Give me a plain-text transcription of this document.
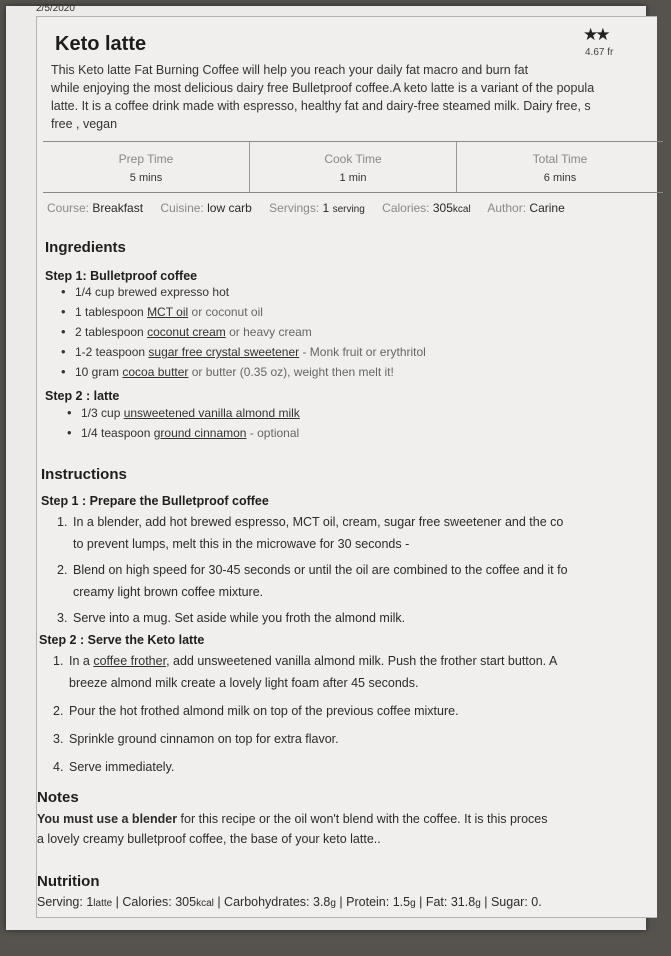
2/5/2020
Keto latte	★★
4.67 fr
This Keto latte Fat Burning Coffee will help you reach your daily fat macro and burn fat
while enjoying the most delicious dairy free Bulletproof coffee.A keto latte is a variant of the popula
latte. It is a coffee drink made with espresso, healthy fat and dairy-free steamed milk. Dairy free, s
free , vegan
Prep Time
5 mins
Cook Time
1 min
Total Time
6 mins
Course: Breakfast Cuisine: low carb Servings: 1 serving Calories: 305kcal Author: Carine
Ingredients
Step 1: Bulletproof coffee
• 1/4 cup brewed expresso hot
• 1 tablespoon MCT oil or coconut oil
• 2 tablespoon coconut cream or heavy cream
• 1-2 teaspoon sugar free crystal sweetener - Monk fruit or erythritol
• 10 gram cocoa butter or butter (0.35 oz), weight then melt it!
Step 2 : latte
• 1/3 cup unsweetened vanilla almond milk
• 1/4 teaspoon ground cinnamon - optional
Instructions
Step 1 : Prepare the Bulletproof coffee
1. In a blender, add hot brewed espresso, MCT oil, cream, sugar free sweetener and the co
to prevent lumps, melt this in the microwave for 30 seconds -
2. Blend on high speed for 30-45 seconds or until the oil are combined to the coffee and it fo
creamy light brown coffee mixture.
3. Serve into a mug. Set aside while you froth the almond milk.
Step 2 : Serve the Keto latte
1. In a coffee frother, add unsweetened vanilla almond milk. Push the frother start button. A
breeze almond milk create a lovely light foam after 45 seconds.
2. Pour the hot frothed almond milk on top of the previous coffee mixture.
3. Sprinkle ground cinnamon on top for extra flavor.
4. Serve immediately.
Notes
You must use a blender for this recipe or the oil won't blend with the coffee. It is this proces
a lovely creamy bulletproof coffee, the base of your keto latte..
Nutrition
Serving: 1latte | Calories: 305kcal | Carbohydrates: 3.8g | Protein: 1.5g | Fat: 31.8g | Sugar: 0.
